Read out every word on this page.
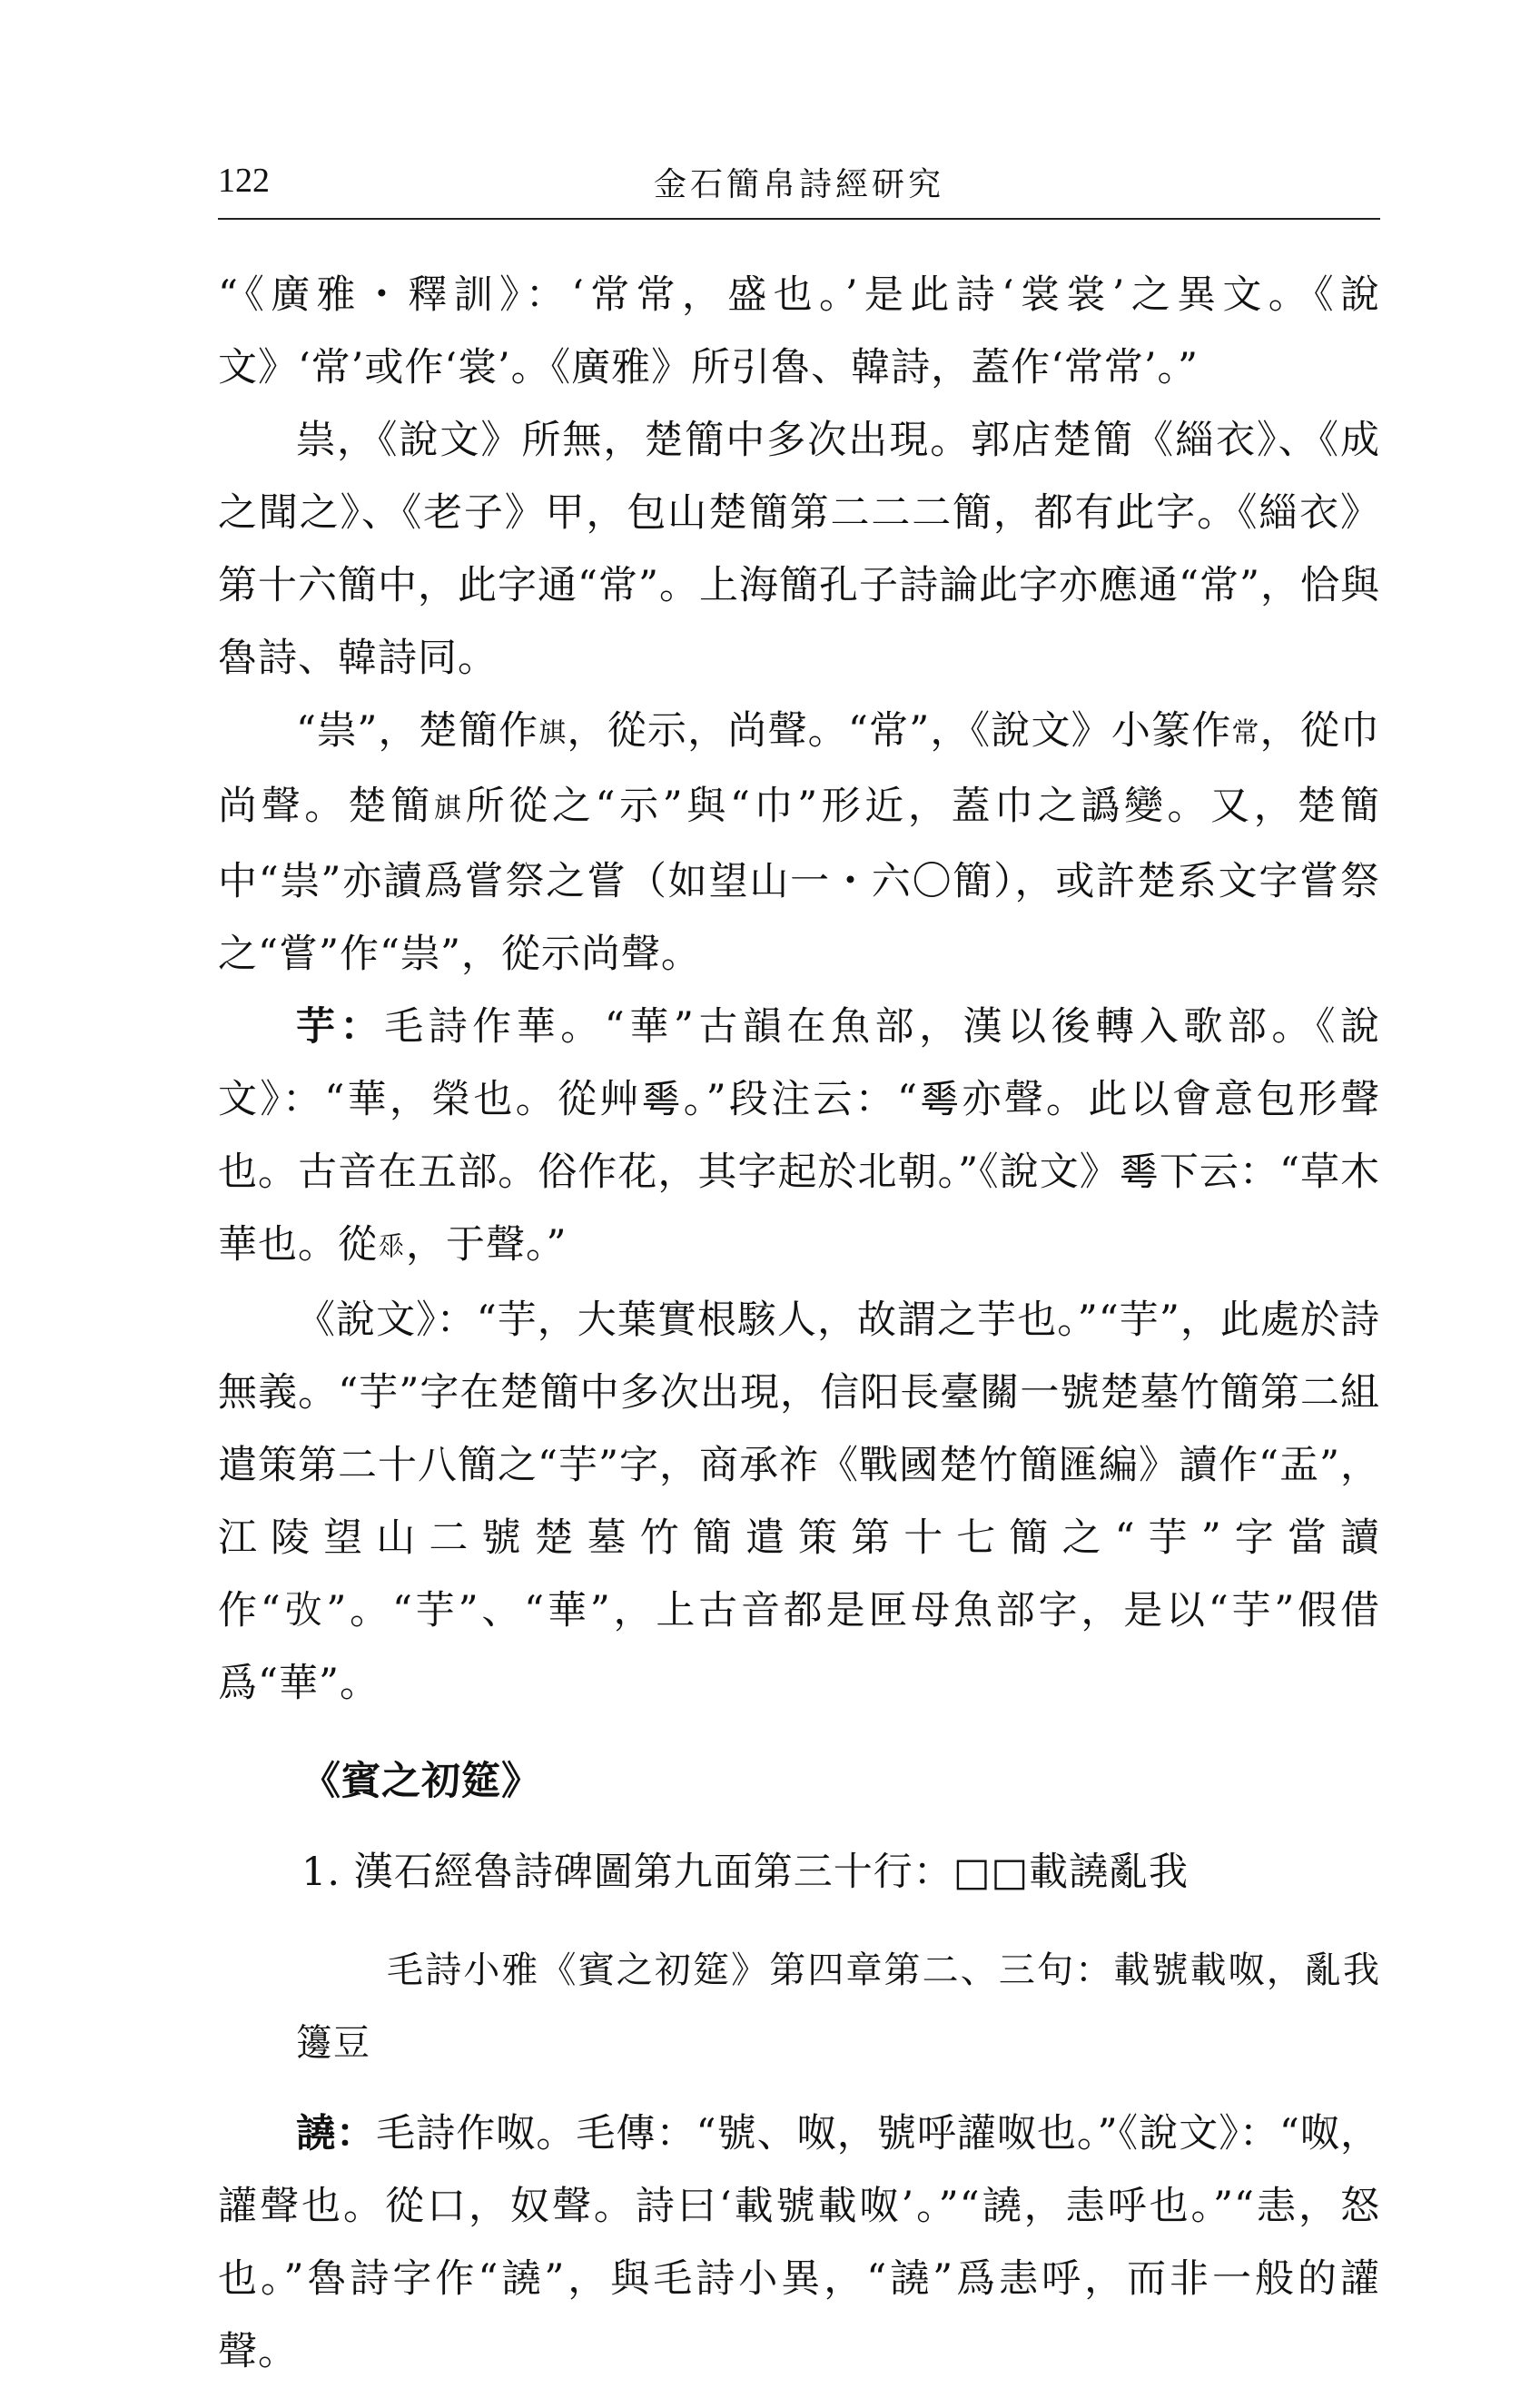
122	金石簡帛詩經研究

“《廣雅・釋訓》：‘常常，盛也。’是此詩‘裳裳’之異文。《說文》‘常’或作‘裳’。《廣雅》所引魯、韓詩，蓋作‘常常’。”

祟，《說文》所無，楚簡中多次出現。郭店楚簡《緇衣》、《成之聞之》、《老子》甲，包山楚簡第二二二簡，都有此字。《緇衣》第十六簡中，此字通“常”。上海簡孔子詩論此字亦應通“常”，恰與魯詩、韓詩同。

“祟”，楚簡作𣄃，從示，尚聲。“常”，《說文》小篆作常，從巾尚聲。楚簡𣄃所從之“示”與“巾”形近，蓋巾之譌變。又，楚簡中“祟”亦讀爲嘗祭之嘗（如望山一・六〇簡），或許楚系文字嘗祭之“嘗”作“祟”，從示尚聲。

芋：毛詩作華。“華”古韻在魚部，漢以後轉入歌部。《說文》：“華，榮也。從艸𠌶。”段注云：“𠌶亦聲。此以會意包形聲也。古音在五部。俗作花，其字起於北朝。”《說文》𠌶下云：“草木華也。從𠂹，于聲。”

《說文》：“芋，大葉實根駭人，故謂之芋也。”“芋”，此處於詩無義。“芋”字在楚簡中多次出現，信阳長臺關一號楚墓竹簡第二組遣策第二十八簡之“芋”字，商承祚《戰國楚竹簡匯編》讀作“盂”，江陵望山二號楚墓竹簡遣策第十七簡之“芋”字當讀作“𢎿”。“芋”、“華”，上古音都是匣母魚部字，是以“芋”假借爲“華”。

《賓之初筵》

1. 漢石經魯詩碑圖第九面第三十行：□□載譊亂我

毛詩小雅《賓之初筵》第四章第二、三句：載號載呶，亂我籩豆

譊：毛詩作呶。毛傳：“號、呶，號呼讙呶也。”《說文》：“呶，讙聲也。從口，奴聲。詩曰‘載號載呶’。”“譊，恚呼也。”“恚，怒也。”魯詩字作“譊”，與毛詩小異，“譊”爲恚呼，而非一般的讙聲。
